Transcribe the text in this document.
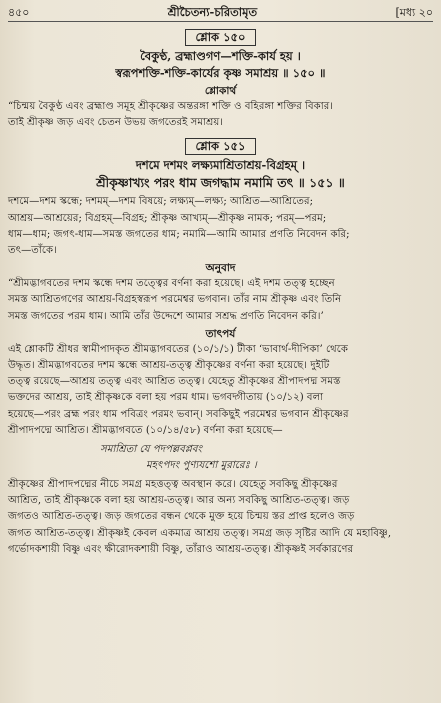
৪৫০	শ্রীচৈতন্য-চরিতামৃত	[মধ্য ২০
শ্লোক ১৫০
বৈকুণ্ঠ, ব্রহ্মাণ্ডগণ—শক্তি-কার্য হয় ।
স্বরূপশক্তি-শক্তি-কার্যের কৃষ্ণ সমাশ্রয় ॥ ১৫০ ॥
শ্লোকার্থ

“চিন্ময় বৈকুণ্ঠ এবং ব্রহ্মাণ্ড সমূহ শ্রীকৃষ্ণের অন্তরঙ্গা শক্তি ও বহিরঙ্গা শক্তির বিকার।
তাই শ্রীকৃষ্ণ জড় এবং চেতন উভয় জগতেরই সমাশ্রয়।

শ্লোক ১৫১
দশমে দশমং লক্ষ্যমাশ্রিতাশ্রয়-বিগ্রহম্ ।
শ্রীকৃষ্ণাখ্যং পরং ধাম জগদ্ধাম নমামি তৎ ॥ ১৫১ ॥
দশমে—দশম স্কন্ধে; দশমম্—দশম বিষয়ে; লক্ষ্যম্—লক্ষ্য; আশ্রিত—আশ্রিতের;
আশ্রয়—আশ্রয়ের; বিগ্রহম্—বিগ্রহ; শ্রীকৃষ্ণ আখ্যম্—শ্রীকৃষ্ণ নামক; পরম্—পরম;
ধাম—ধাম; জগৎ-ধাম—সমস্ত জগতের ধাম; নমামি—আমি আমার প্রণতি নিবেদন করি;
তৎ—তাঁকে।
অনুবাদ

“শ্রীমদ্ভাগবতের দশম স্কন্ধে দশম তত্ত্বের বর্ণনা করা হয়েছে। এই দশম তত্ত্ব হচ্ছেন
সমস্ত আশ্রিতগণের আশ্রয়-বিগ্রহস্বরূপ পরমেশ্বর ভগবান। তাঁর নাম শ্রীকৃষ্ণ এবং তিনি
সমস্ত জগতের পরম ধাম। আমি তাঁর উদ্দেশে আমার সশ্রদ্ধ প্রণতি নিবেদন করি।’

তাৎপর্য

এই শ্লোকটি শ্রীধর স্বামীপাদকৃত শ্রীমদ্ভাগবতের (১০/১/১) টীকা ‘ভাবার্থ-দীপিকা’ থেকে
উদ্ধৃত। শ্রীমদ্ভাগবতের দশম স্কন্ধে আশ্রয়-তত্ত্ব শ্রীকৃষ্ণের বর্ণনা করা হয়েছে। দুইটি
তত্ত্ব রয়েছে—আশ্রয় তত্ত্ব এবং আশ্রিত তত্ত্ব। যেহেতু শ্রীকৃষ্ণের শ্রীপাদপদ্ম সমস্ত
ভক্তদের আশ্রয়, তাই শ্রীকৃষ্ণকে বলা হয় পরম ধাম। ভগবদ্গীতায় (১০/১২) বলা
হয়েছে—পরং ব্রহ্ম পরং ধাম পবিত্রং পরমং ভবান্। সবকিছুই পরমেশ্বর ভগবান শ্রীকৃষ্ণের
শ্রীপাদপদ্মে আশ্রিত। শ্রীমদ্ভাগবতে (১০/১৪/৫৮) বর্ণনা করা হয়েছে—

সমাশ্রিতা যে পদপল্লবপ্লবং
মহৎপদং পুণ্যযশো মুরারেঃ ।

শ্রীকৃষ্ণের শ্রীপাদপদ্মের নীচে সমগ্র মহত্তত্ত্ব অবস্থান করে। যেহেতু সবকিছু শ্রীকৃষ্ণের
আশ্রিত, তাই শ্রীকৃষ্ণকে বলা হয় আশ্রয়-তত্ত্ব। আর অন্য সবকিছু আশ্রিত-তত্ত্ব। জড়
জগতও আশ্রিত-তত্ত্ব। জড় জগতের বন্ধন থেকে মুক্ত হয়ে চিন্ময় স্তর প্রাপ্ত হলেও জড়
জগত আশ্রিত-তত্ত্ব। শ্রীকৃষ্ণই কেবল একমাত্র আশ্রয় তত্ত্ব। সমগ্র জড় সৃষ্টির আদি যে মহাবিষ্ণু,
গর্ভোদকশায়ী বিষ্ণু এবং ক্ষীরোদকশায়ী বিষ্ণু, তাঁরাও আশ্রয়-তত্ত্ব। শ্রীকৃষ্ণই সর্বকারণের
